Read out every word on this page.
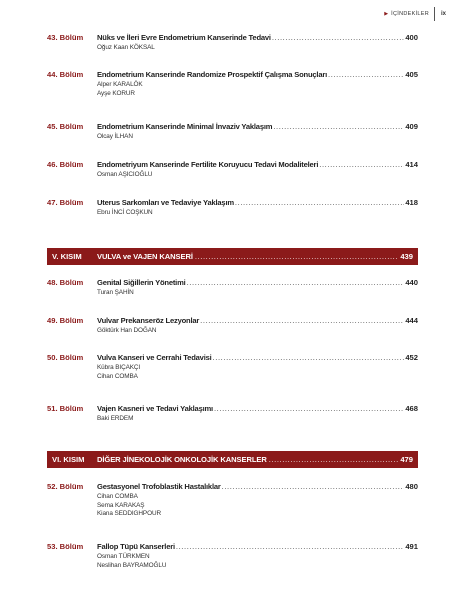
▶ İÇİNDEKİLER ix
43. Bölüm	Nüks ve İleri Evre Endometrium Kanserinde Tedavi .....	400
Oğuz Kaan KÖKSAL
44. Bölüm	Endometrium Kanserinde Randomize Prospektif Çalışma Sonuçları .....	405
Alper KARALÖK
Ayşe KORUR
45. Bölüm	Endometrium Kanserinde Minimal İnvaziv Yaklaşım .....	409
Olcay İLHAN
46. Bölüm	Endometriyum Kanserinde Fertilite Koruyucu Tedavi Modaliteleri .....	414
Osman AŞICIOĞLU
47. Bölüm	Uterus Sarkomları ve Tedaviye Yaklaşım .....	418
Ebru İNCİ COŞKUN
V. KISIM	VULVA ve VAJEN KANSERİ .....	439
48. Bölüm	Genital Siğillerin Yönetimi .....	440
Turan ŞAHİN
49. Bölüm	Vulvar Prekanseröz Lezyonlar .....	444
Göktürk Han DOĞAN
50. Bölüm	Vulva Kanseri ve Cerrahi Tedavisi .....	452
Kübra BIÇAKÇI
Cihan COMBA
51. Bölüm	Vajen Kasneri ve Tedavi Yaklaşımı .....	468
Baki ERDEM
VI. KISIM	DİĞER JİNEKOLOJİK ONKOLOJİK KANSERLER .....	479
52. Bölüm	Gestasyonel Trofoblastik Hastalıklar .....	480
Cihan COMBA
Sema KARAKAŞ
Kiana SEDDIGHPOUR
53. Bölüm	Fallop Tüpü Kanserleri .....	491
Osman TÜRKMEN
Neslihan BAYRAMOĞLU
